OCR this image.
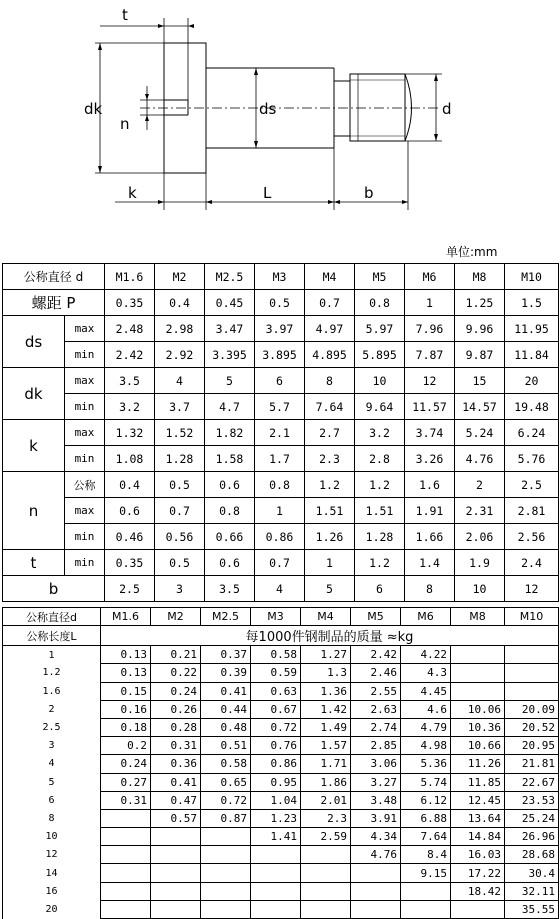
t
dk
n
ds	d
k	L	b
单位:mm
公称直径 d		M1.6	M2	M2.5	M3	M4	M5	M6	M8	M10
螺距 P		0.35	0.4	0.45	0.5	0.7	0.8	1	1.25	1.5
ds	max	2.48	2.98	3.47	3.97	4.97	5.97	7.96	9.96	11.95
	min	2.42	2.92	3.395	3.895	4.895	5.895	7.87	9.87	11.84
dk	max	3.5	4	5	6	8	10	12	15	20
	min	3.2	3.7	4.7	5.7	7.64	9.64	11.57	14.57	19.48
k	max	1.32	1.52	1.82	2.1	2.7	3.2	3.74	5.24	6.24
	min	1.08	1.28	1.58	1.7	2.3	2.8	3.26	4.76	5.76
n	公称	0.4	0.5	0.6	0.8	1.2	1.2	1.6	2	2.5
	max	0.6	0.7	0.8	1	1.51	1.51	1.91	2.31	2.81
	min	0.46	0.56	0.66	0.86	1.26	1.28	1.66	2.06	2.56
t	min	0.35	0.5	0.6	0.7	1	1.2	1.4	1.9	2.4
b		2.5	3	3.5	4	5	6	8	10	12
公称直径d	M1.6	M2	M2.5	M3	M4	M5	M6	M8	M10
公称长度L	每1000件钢制品的质量 ≈kg								
1	0.13	0.21	0.37	0.58	1.27	2.42	4.22		
1.2	0.13	0.22	0.39	0.59	1.3	2.46	4.3		
1.6	0.15	0.24	0.41	0.63	1.36	2.55	4.45		
2	0.16	0.26	0.44	0.67	1.42	2.63	4.6	10.06	20.09
2.5	0.18	0.28	0.48	0.72	1.49	2.74	4.79	10.36	20.52
3	0.2	0.31	0.51	0.76	1.57	2.85	4.98	10.66	20.95
4	0.24	0.36	0.58	0.86	1.71	3.06	5.36	11.26	21.81
5	0.27	0.41	0.65	0.95	1.86	3.27	5.74	11.85	22.67
6	0.31	0.47	0.72	1.04	2.01	3.48	6.12	12.45	23.53
8		0.57	0.87	1.23	2.3	3.91	6.88	13.64	25.24
10				1.41	2.59	4.34	7.64	14.84	26.96
12						4.76	8.4	16.03	28.68
14							9.15	17.22	30.4
16								18.42	32.11
20									35.55
